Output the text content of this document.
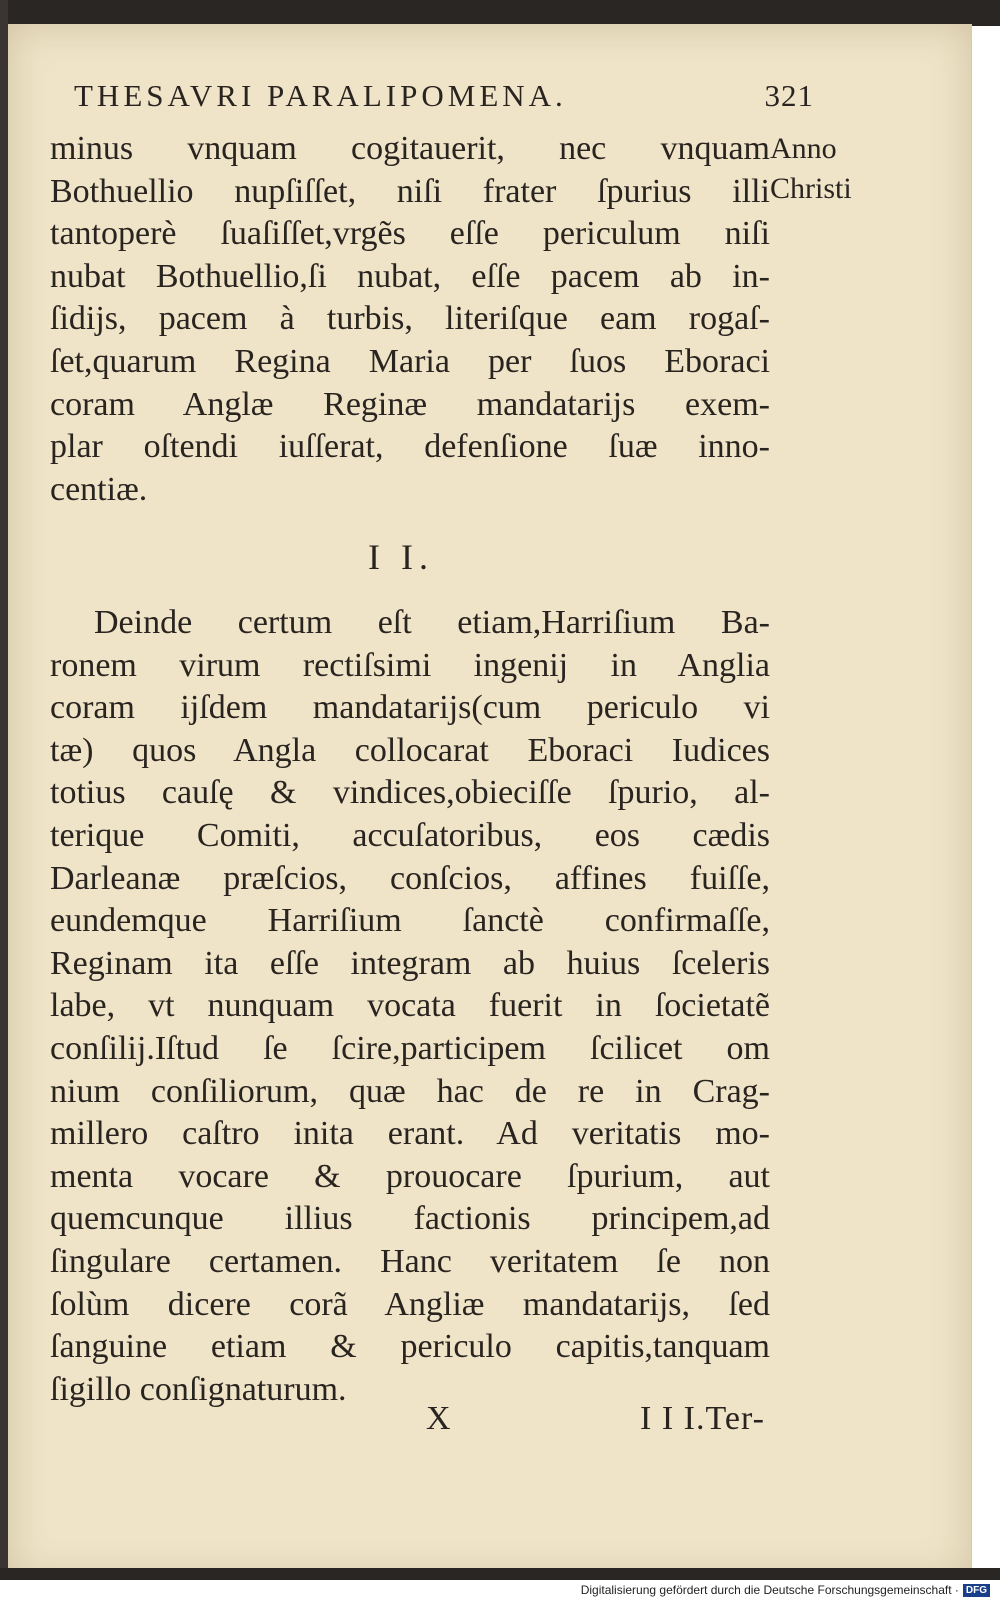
THESAVRI PARALIPOMENA.	321
Anno
Christi
minus vnquam cogitauerit, nec vnquam
Bothuellio nupſiſſet, niſi frater ſpurius illi
tantoperè ſuaſiſſet,vrgẽs eſſe periculum niſi
nubat Bothuellio,ſi nubat, eſſe pacem ab in-
ſidijs, pacem à turbis, literiſque eam rogaſ-
ſet,quarum Regina Maria per ſuos Eboraci
coram Anglæ Reginæ mandatarijs exem-
plar oſtendi iuſſerat, defenſione ſuæ inno-
centiæ.
I I.
Deinde certum eſt etiam,Harriſium Ba-
ronem virum rectiſsimi ingenij in Anglia
coram ijſdem mandatarijs(cum periculo vi
tæ) quos Angla collocarat Eboraci Iudices
totius cauſę & vindices,obieciſſe ſpurio, al-
terique Comiti, accuſatoribus, eos cædis
Darleanæ præſcios, conſcios, affines fuiſſe,
eundemque Harriſium ſanctè confirmaſſe,
Reginam ita eſſe integram ab huius ſceleris
labe, vt nunquam vocata fuerit in ſocietatẽ
conſilij.Iſtud ſe ſcire,participem ſcilicet om
nium conſiliorum, quæ hac de re in Crag-
millero caſtro inita erant. Ad veritatis mo-
menta vocare & prouocare ſpurium, aut
quemcunque illius factionis principem,ad
ſingulare certamen. Hanc veritatem ſe non
ſolùm dicere corã Angliæ mandatarijs, ſed
ſanguine etiam & periculo capitis,tanquam
ſigillo conſignaturum.
X	I I I.Ter-
Digitalisierung gefördert durch die Deutsche Forschungsgemeinschaft · DFG
